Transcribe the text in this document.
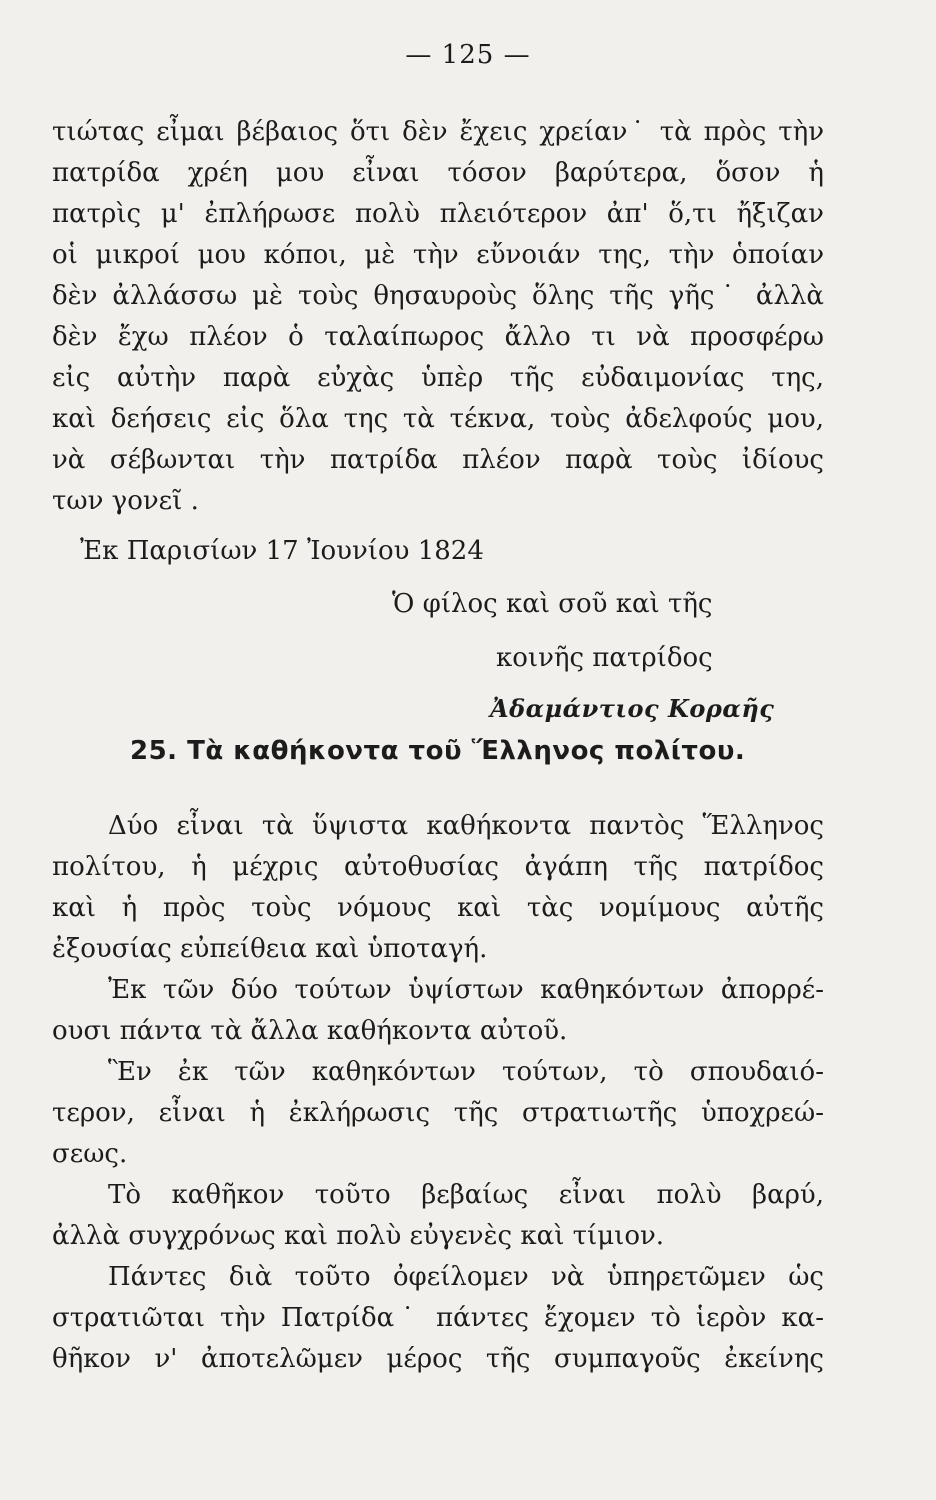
— 125 —
τιώτας εἶμαι βέβαιος ὅτι δὲν ἔχεις χρείαν˙ τὰ πρὸς τὴν
πατρίδα χρέη μου εἶναι τόσον βαρύτερα, ὅσον ἡ
πατρὶς μ' ἐπλήρωσε πολὺ πλειότερον ἀπ' ὅ,τι ἤξιζαν
οἱ μικροί μου κόποι, μὲ τὴν εὔνοιάν της, τὴν ὁποίαν
δὲν ἀλλάσσω μὲ τοὺς θησαυροὺς ὅλης τῆς γῆς˙ ἀλλὰ
δὲν ἔχω πλέον ὁ ταλαίπωρος ἄλλο τι νὰ προσφέρω
εἰς αὐτὴν παρὰ εὐχὰς ὑπὲρ τῆς εὐδαιμονίας της,
καὶ δεήσεις εἰς ὅλα της τὰ τέκνα, τοὺς ἀδελφούς μου,
νὰ σέβωνται τὴν πατρίδα πλέον παρὰ τοὺς ἰδίους
των γονεῖ .
Ἐκ Παρισίων 17 Ἰουνίου 1824
Ὁ φίλος καὶ σοῦ καὶ τῆς
κοινῆς πατρίδος
Ἀδαμάντιος Κοραῆς
25. Τὰ καθήκοντα τοῦ Ἕλληνος πολίτου.
Δύο εἶναι τὰ ὕψιστα καθήκοντα παντὸς Ἕλληνος
πολίτου, ἡ μέχρις αὐτοθυσίας ἀγάπη τῆς πατρίδος
καὶ ἡ πρὸς τοὺς νόμους καὶ τὰς νομίμους αὐτῆς
ἐξουσίας εὐπείθεια καὶ ὑποταγή.
Ἐκ τῶν δύο τούτων ὑψίστων καθηκόντων ἀπορρέ-
ουσι πάντα τὰ ἄλλα καθήκοντα αὐτοῦ.
Ἓν ἐκ τῶν καθηκόντων τούτων, τὸ σπουδαιό-
τερον, εἶναι ἡ ἐκλήρωσις τῆς στρατιωτῆς ὑποχρεώ-
σεως.
Τὸ καθῆκον τοῦτο βεβαίως εἶναι πολὺ βαρύ,
ἀλλὰ συγχρόνως καὶ πολὺ εὐγενὲς καὶ τίμιον.
Πάντες διὰ τοῦτο ὀφείλομεν νὰ ὑπηρετῶμεν ὡς
στρατιῶται τὴν Πατρίδα˙ πάντες ἔχομεν τὸ ἱερὸν κα-
θῆκον ν' ἀποτελῶμεν μέρος τῆς συμπαγοῦς ἐκείνης
